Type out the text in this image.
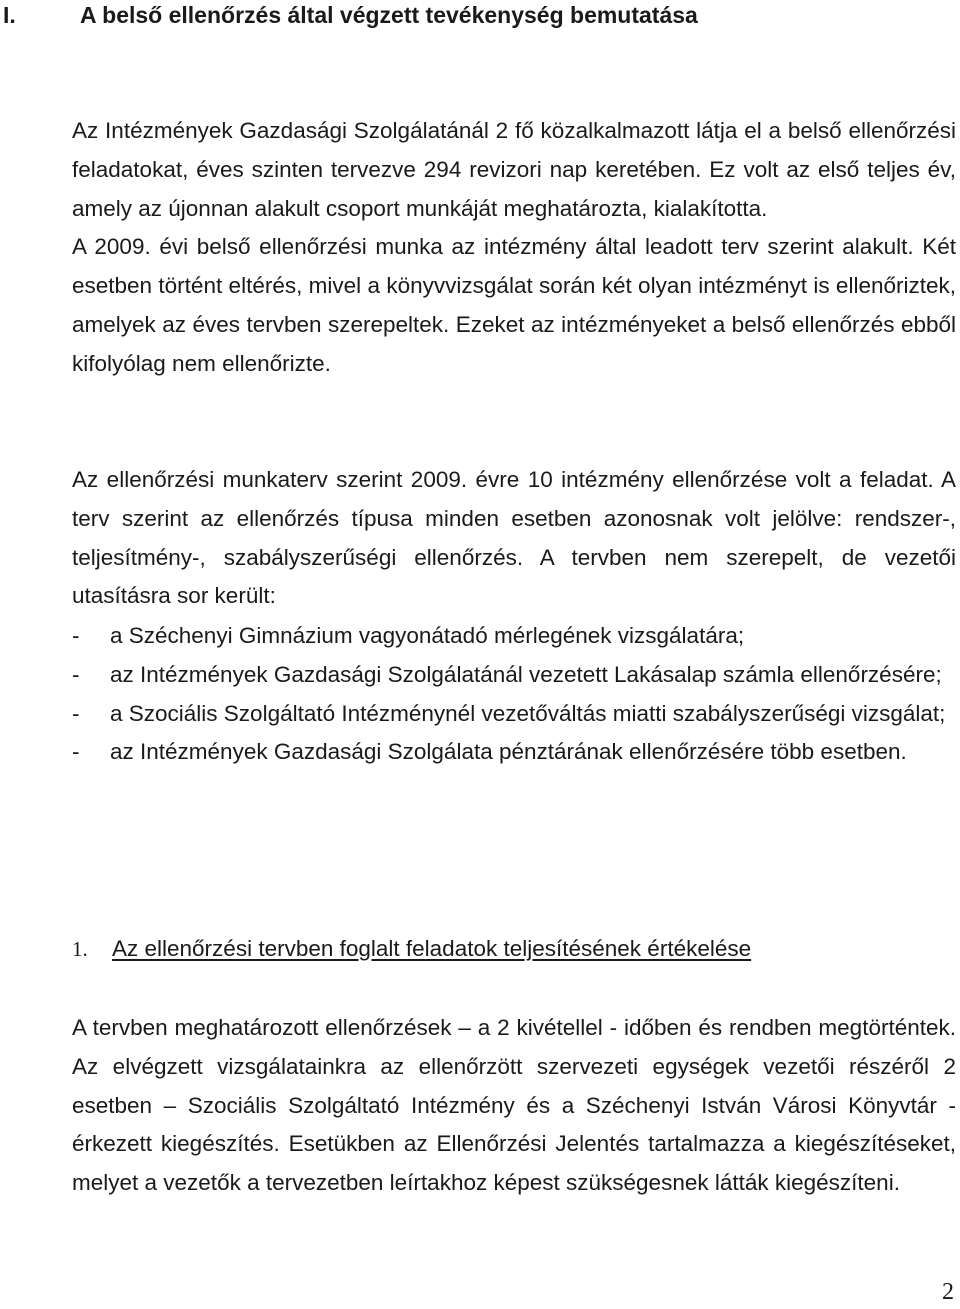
I.	A belső ellenőrzés által végzett tevékenység bemutatása

Az Intézmények Gazdasági Szolgálatánál 2 fő közalkalmazott látja el a belső ellenőrzési feladatokat, éves szinten tervezve 294 revizori nap keretében. Ez volt az első teljes év, amely az újonnan alakult csoport munkáját meghatározta, kialakította.
A 2009. évi belső ellenőrzési munka az intézmény által leadott terv szerint alakult. Két esetben történt eltérés, mivel a könyvvizsgálat során két olyan intézményt is ellenőriztek, amelyek az éves tervben szerepeltek. Ezeket az intézményeket a belső ellenőrzés ebből kifolyólag nem ellenőrizte.

Az ellenőrzési munkaterv szerint 2009. évre 10 intézmény ellenőrzése volt a feladat. A terv szerint az ellenőrzés típusa minden esetben azonosnak volt jelölve: rendszer-, teljesítmény-, szabályszerűségi ellenőrzés. A tervben nem szerepelt, de vezetői utasításra sor került:

- a Széchenyi Gimnázium vagyonátadó mérlegének vizsgálatára;
- az Intézmények Gazdasági Szolgálatánál vezetett Lakásalap számla ellenőrzésére;
- a Szociális Szolgáltató Intézménynél vezetőváltás miatti szabályszerűségi vizsgálat;
- az Intézmények Gazdasági Szolgálata pénztárának ellenőrzésére több esetben.
1. Az ellenőrzési tervben foglalt feladatok teljesítésének értékelése

A tervben meghatározott ellenőrzések – a 2 kivétellel - időben és rendben megtörténtek. Az elvégzett vizsgálatainkra az ellenőrzött szervezeti egységek vezetői részéről 2 esetben – Szociális Szolgáltató Intézmény és a Széchenyi István Városi Könyvtár - érkezett kiegészítés. Esetükben az Ellenőrzési Jelentés tartalmazza a kiegészítéseket, melyet a vezetők a tervezetben leírtakhoz képest szükségesnek látták kiegészíteni.

2
